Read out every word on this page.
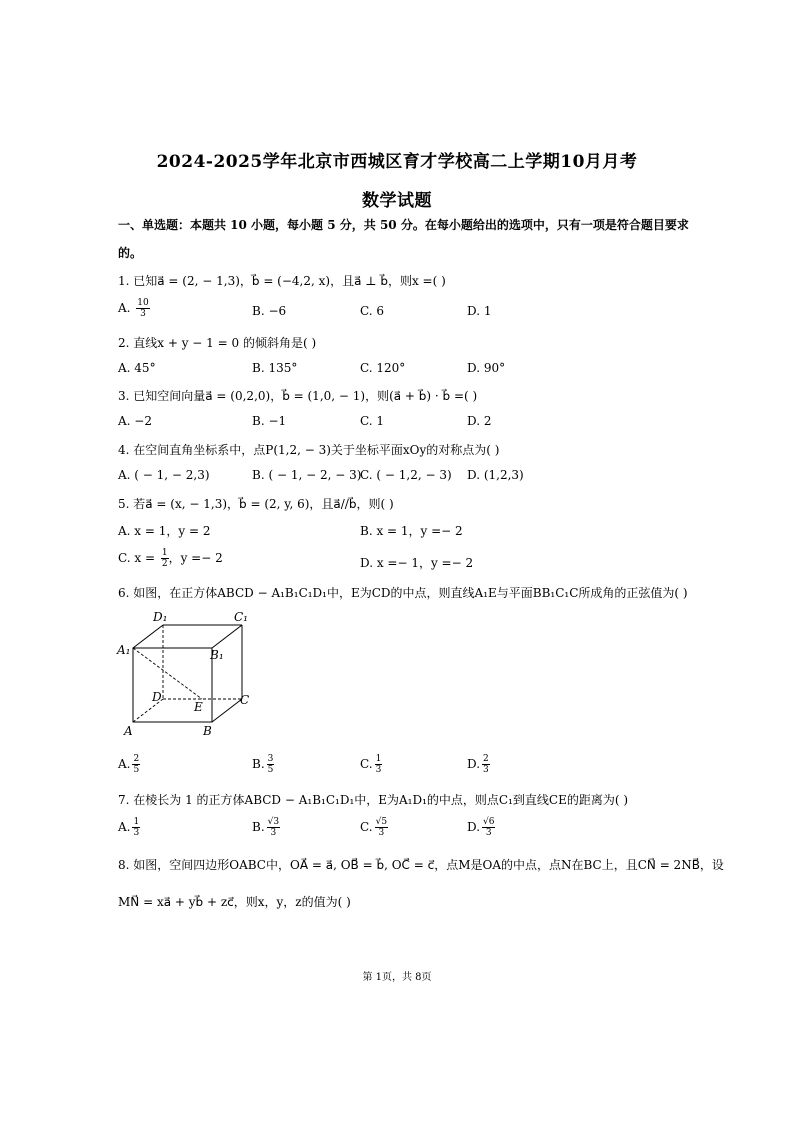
2024-2025学年北京市西城区育才学校高二上学期10月月考
数学试题
一、单选题：本题共 10 小题，每小题 5 分，共 50 分。在每小题给出的选项中，只有一项是符合题目要求
的。
1. 已知a⃗ = (2, − 1,3)，b⃗ = (−4,2, x)，且a⃗ ⊥ b⃗，则x =( )
A. $\frac{10}{3}$	B. −6	C. 6	D. 1
2. 直线x + y − 1 = 0 的倾斜角是( )
A. 45°	B. 135°	C. 120°	D. 90°
3. 已知空间向量a⃗ = (0,2,0)，b⃗ = (1,0, − 1)，则(a⃗ + b⃗) · b⃗ =( )
A. −2	B. −1	C. 1	D. 2
4. 在空间直角坐标系中，点P(1,2, − 3)关于坐标平面xOy的对称点为( )
A. ( − 1, − 2,3)	B. ( − 1, − 2, − 3)
C. ( − 1,2, − 3) D. (1,2,3)
5. 若a⃗ = (x, − 1,3)，b⃗ = (2, y, 6)，且a⃗//b⃗，则( )
A. x = 1，y = 2	B. x = 1，y =− 2
C. $x = \frac{1}{2}$ ，y =− 2	D. x =− 1，y =− 2
6. 如图，在正方体ABCD − A₁B₁C₁D₁中，E为CD的中点，则直线A₁E与平面BB₁C₁C所成角的正弦值为( )
D₁	C₁
A₁	B₁
D	C
E
A	B
A. $\frac{2}{5}$	B. $\frac{3}{5}$	C. $\frac{1}{3}$	D. $\frac{2}{3}$
7. 在棱长为 1 的正方体ABCD − A₁B₁C₁D₁中，E为A₁D₁的中点，则点C₁到直线CE的距离为( )
A. $\frac{1}{3}$	B. $\frac{√3}{3}$	C. $\frac{√5}{3}$	D. $\frac{√6}{3}$
8. 如图，空间四边形OABC中，OA⃗ = a⃗, OB⃗ = b⃗, OC⃗ = c⃗，点M是OA的中点，点N在BC上，且CN⃗ = 2NB⃗，设
MN⃗ = xa⃗ + yb⃗ + zc⃗，则x，y，z的值为( )
第 1页，共 8页
